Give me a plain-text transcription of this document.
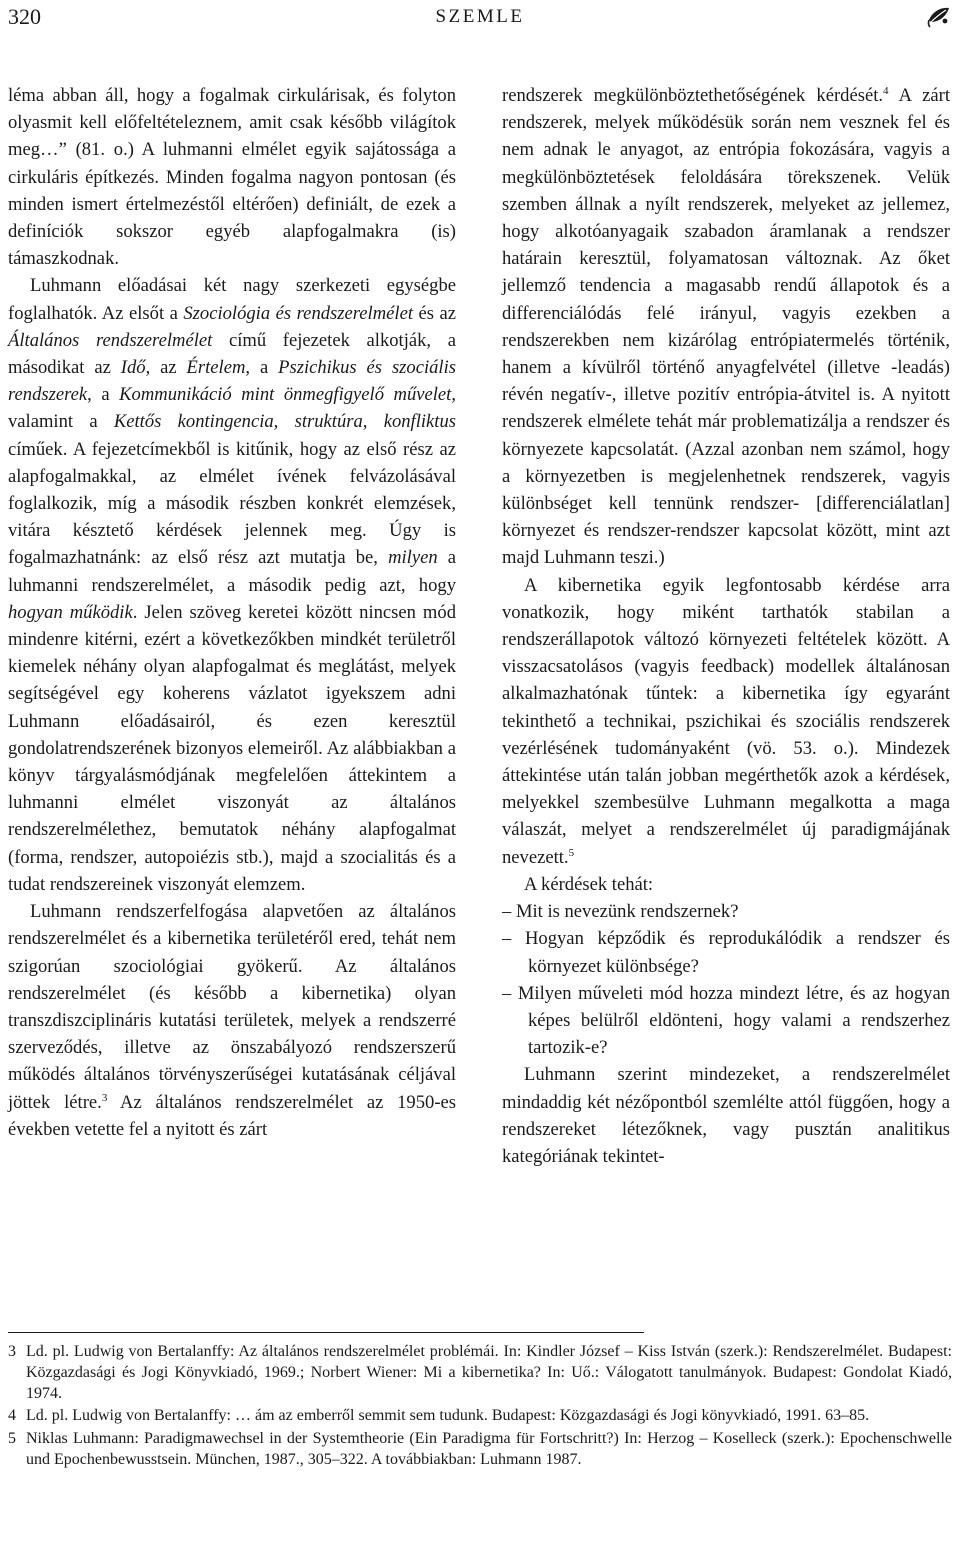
320	SZEMLE

léma abban áll, hogy a fogalmak cirkulárisak, és folyton olyasmit kell előfeltételeznem, amit csak később világítok meg…” (81. o.) A luhmanni elmélet egyik sajátossága a cirkuláris építkezés. Minden fogalma nagyon pontosan (és minden ismert értelmezéstől eltérően) definiált, de ezek a definíciók sokszor egyéb alapfogalmakra (is) támaszkodnak.

Luhmann előadásai két nagy szerkezeti egységbe foglalhatók. Az elsőt a Szociológia és rendszerelmélet és az Általános rendszerelmélet című fejezetek alkotják, a másodikat az Idő, az Értelem, a Pszichikus és szociális rendszerek, a Kommunikáció mint önmegfigyelő művelet, valamint a Kettős kontingencia, struktúra, konfliktus címűek. A fejezetcímekből is kitűnik, hogy az első rész az alapfogalmakkal, az elmélet ívének felvázolásával foglalkozik, míg a második részben konkrét elemzések, vitára késztető kérdések jelennek meg. Úgy is fogalmazhatnánk: az első rész azt mutatja be, milyen a luhmanni rendszerelmélet, a második pedig azt, hogy hogyan működik. Jelen szöveg keretei között nincsen mód mindenre kitérni, ezért a következőkben mindkét területről kiemelek néhány olyan alapfogalmat és meglátást, melyek segítségével egy koherens vázlatot igyekszem adni Luhmann előadásairól, és ezen keresztül gondolatrendszerének bizonyos elemeiről. Az alábbiakban a könyv tárgyalásmódjának megfelelően áttekintem a luhmanni elmélet viszonyát az általános rendszerelmélethez, bemutatok néhány alapfogalmat (forma, rendszer, autopoiézis stb.), majd a szocialitás és a tudat rendszereinek viszonyát elemzem.

Luhmann rendszerfelfogása alapvetően az általános rendszerelmélet és a kibernetika területéről ered, tehát nem szigorúan szociológiai gyökerű. Az általános rendszerelmélet (és később a kibernetika) olyan transzdiszciplináris kutatási területek, melyek a rendszerré szerveződés, illetve az önszabályozó rendszerszerű működés általános törvényszerűségei kutatásának céljával jöttek létre.$^3$ Az általános rendszerelmélet az 1950-es években vetette fel a nyitott és zárt

rendszerek megkülönböztethetőségének kérdését.$^4$ A zárt rendszerek, melyek működésük során nem vesznek fel és nem adnak le anyagot, az entrópia fokozására, vagyis a megkülönböztetések feloldására törekszenek. Velük szemben állnak a nyílt rendszerek, melyeket az jellemez, hogy alkotóanyagaik szabadon áramlanak a rendszer határain keresztül, folyamatosan változnak. Az őket jellemző tendencia a magasabb rendű állapotok és a differenciálódás felé irányul, vagyis ezekben a rendszerekben nem kizárólag entrópiatermelés történik, hanem a kívülről történő anyagfelvétel (illetve -leadás) révén negatív-, illetve pozitív entrópia-átvitel is. A nyitott rendszerek elmélete tehát már problematizálja a rendszer és környezete kapcsolatát. (Azzal azonban nem számol, hogy a környezetben is megjelenhetnek rendszerek, vagyis különbséget kell tennünk rendszer- [differenciálatlan] környezet és rendszer-rendszer kapcsolat között, mint azt majd Luhmann teszi.)

A kibernetika egyik legfontosabb kérdése arra vonatkozik, hogy miként tarthatók stabilan a rendszerállapotok változó környezeti feltételek között. A visszacsatolásos (vagyis feedback) modellek általánosan alkalmazhatónak tűntek: a kibernetika így egyaránt tekinthető a technikai, pszichikai és szociális rendszerek vezérlésének tudományaként (vö. 53. o.). Mindezek áttekintése után talán jobban megérthetők azok a kérdések, melyekkel szembesülve Luhmann megalkotta a maga válaszát, melyet a rendszerelmélet új paradigmájának nevezett.$^5$

A kérdések tehát:

– Mit is nevezünk rendszernek?
– Hogyan képződik és reprodukálódik a rendszer és környezet különbsége?
– Milyen műveleti mód hozza mindezt létre, és az hogyan képes belülről eldönteni, hogy valami a rendszerhez tartozik-e?

Luhmann szerint mindezeket, a rendszerelmélet mindaddig két nézőpontból szemlélte attól függően, hogy a rendszereket létezőknek, vagy pusztán analitikus kategóriának tekintet-

3 Ld. pl. Ludwig von Bertalanffy: Az általános rendszerelmélet problémái. In: Kindler József – Kiss István (szerk.): Rendszerelmélet. Budapest: Közgazdasági és Jogi Könyvkiadó, 1969.; Norbert Wiener: Mi a kibernetika? In: Uő.: Válogatott tanulmányok. Budapest: Gondolat Kiadó, 1974.
4 Ld. pl. Ludwig von Bertalanffy: … ám az emberről semmit sem tudunk. Budapest: Közgazdasági és Jogi könyvkiadó, 1991. 63–85.
5 Niklas Luhmann: Paradigmawechsel in der Systemtheorie (Ein Paradigma für Fortschritt?) In: Herzog – Koselleck (szerk.): Epochenschwelle und Epochenbewusstsein. München, 1987., 305–322. A továbbiakban: Luhmann 1987.
